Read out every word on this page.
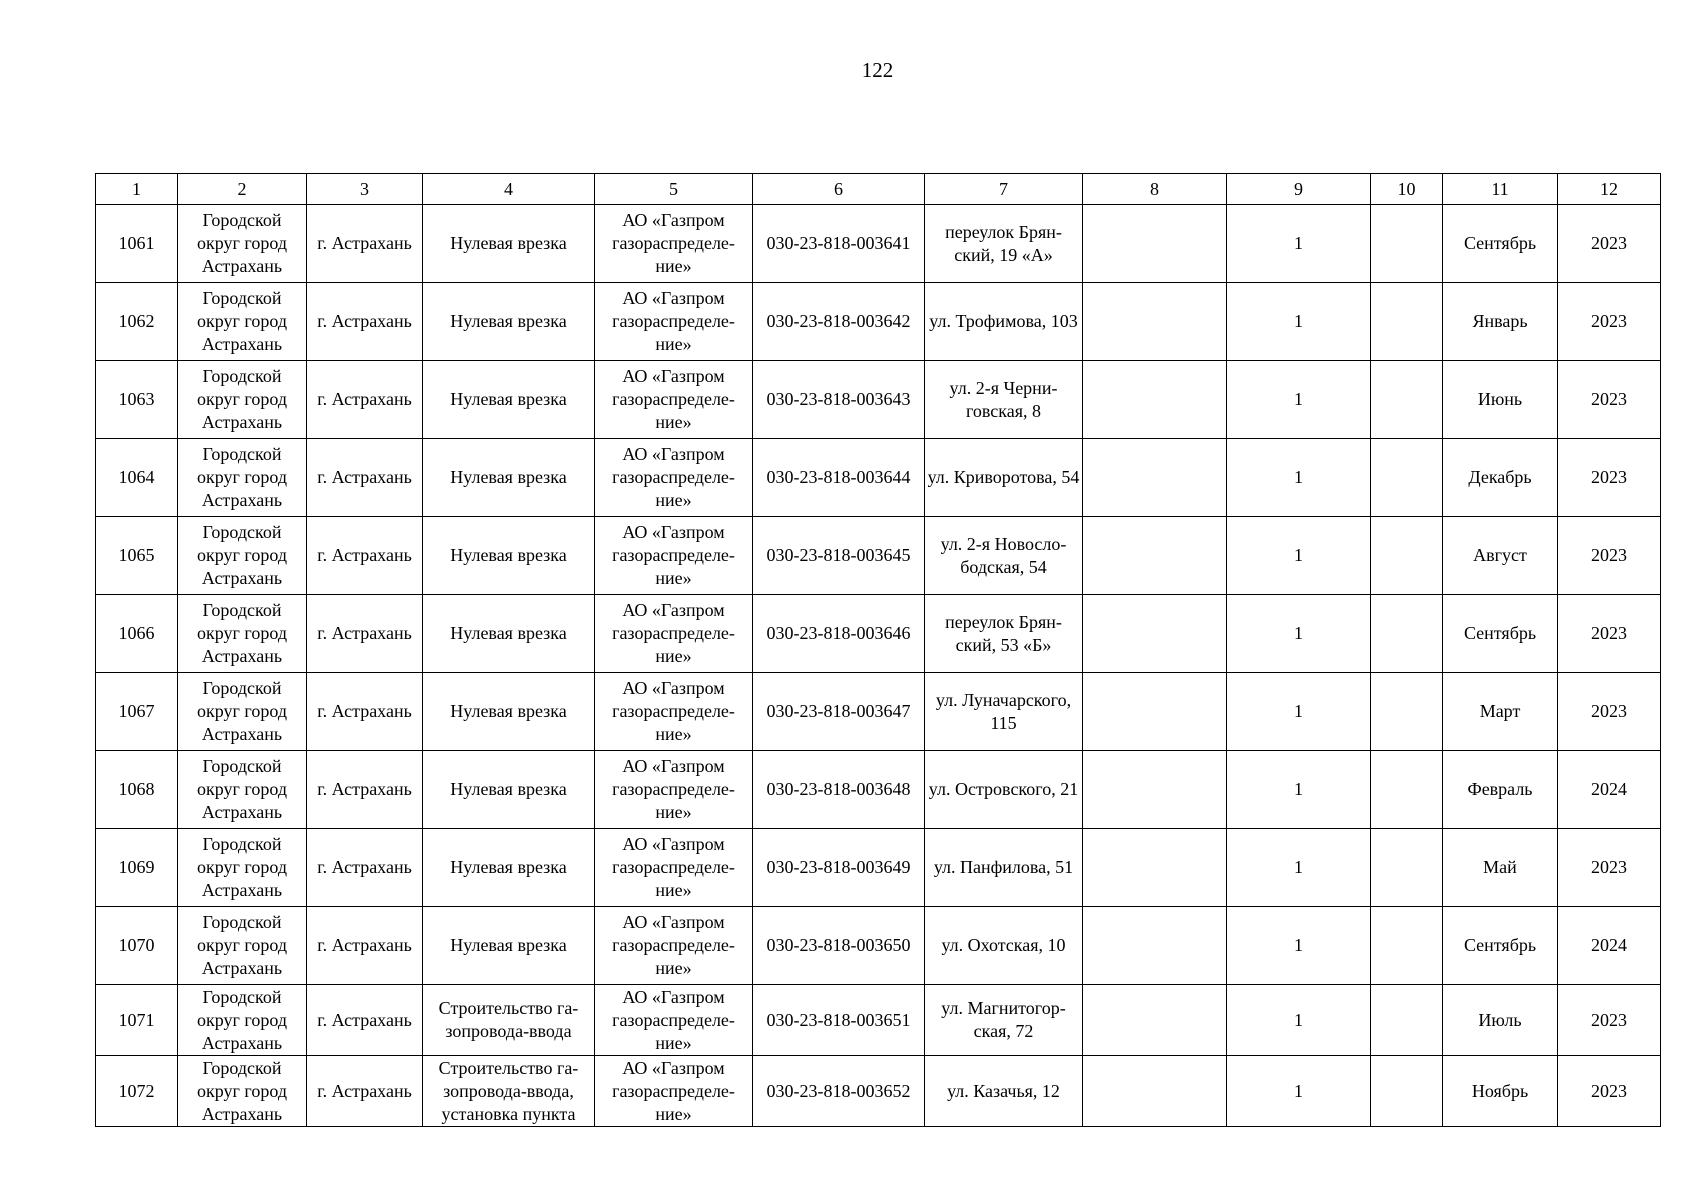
122
1	2	3	4	5	6	7	8	9	10	11	12
1061	Городской округ город Астрахань	г. Астрахань	Нулевая врезка	АО «Газпром газораспределе- ние»	030-23-818-003641	переулок Брян- ский, 19 «А»		1		Сентябрь	2023
1062	Городской округ город Астрахань	г. Астрахань	Нулевая врезка	АО «Газпром газораспределе- ние»	030-23-818-003642	ул. Трофимова, 103		1		Январь	2023
1063	Городской округ город Астрахань	г. Астрахань	Нулевая врезка	АО «Газпром газораспределе- ние»	030-23-818-003643	ул. 2-я Черни- говская, 8		1		Июнь	2023
1064	Городской округ город Астрахань	г. Астрахань	Нулевая врезка	АО «Газпром газораспределе- ние»	030-23-818-003644	ул. Криворотова, 54		1		Декабрь	2023
1065	Городской округ город Астрахань	г. Астрахань	Нулевая врезка	АО «Газпром газораспределе- ние»	030-23-818-003645	ул. 2-я Новосло- бодская, 54		1		Август	2023
1066	Городской округ город Астрахань	г. Астрахань	Нулевая врезка	АО «Газпром газораспределе- ние»	030-23-818-003646	переулок Брян- ский, 53 «Б»		1		Сентябрь	2023
1067	Городской округ город Астрахань	г. Астрахань	Нулевая врезка	АО «Газпром газораспределе- ние»	030-23-818-003647	ул. Луначарского, 115		1		Март	2023
1068	Городской округ город Астрахань	г. Астрахань	Нулевая врезка	АО «Газпром газораспределе- ние»	030-23-818-003648	ул. Островского, 21		1		Февраль	2024
1069	Городской округ город Астрахань	г. Астрахань	Нулевая врезка	АО «Газпром газораспределе- ние»	030-23-818-003649	ул. Панфилова, 51		1		Май	2023
1070	Городской округ город Астрахань	г. Астрахань	Нулевая врезка	АО «Газпром газораспределе- ние»	030-23-818-003650	ул. Охотская, 10		1		Сентябрь	2024
1071	Городской округ город Астрахань	г. Астрахань	Строительство га- зопровода-ввода	АО «Газпром газораспределе- ние»	030-23-818-003651	ул. Магнитогор- ская, 72		1		Июль	2023
1072	Городской округ город Астрахань	г. Астрахань	Строительство га- зопровода-ввода, установка пункта	АО «Газпром газораспределе- ние»	030-23-818-003652	ул. Казачья, 12		1		Ноябрь	2023
